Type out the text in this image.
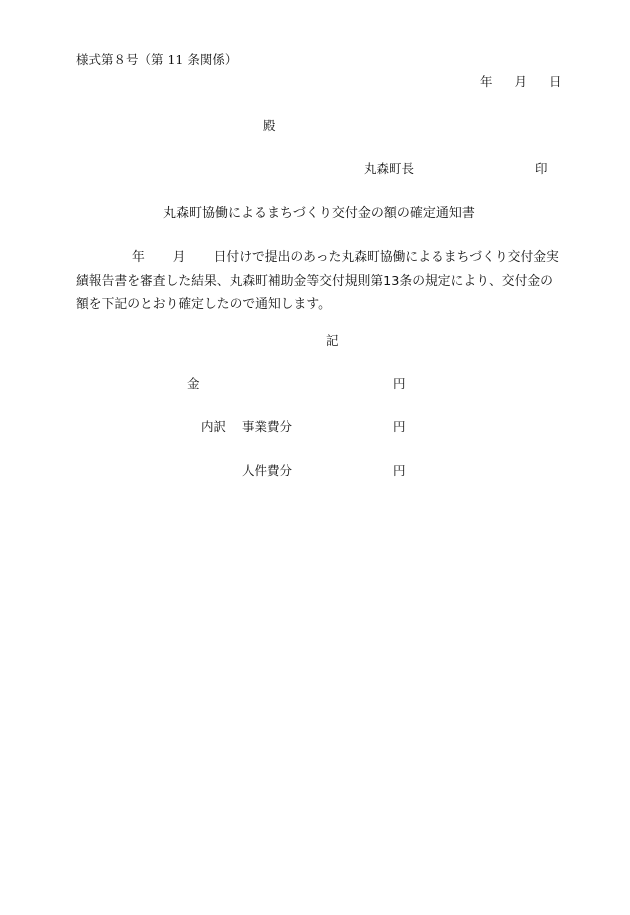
様式第８号（第 11 条関係）
年 月 日
殿
丸森町長	印
丸森町協働によるまちづくり交付金の額の確定通知書
年 月 日付けで提出のあった丸森町協働によるまちづくり交付金実
績報告書を審査した結果、丸森町補助金等交付規則第13条の規定により、交付金の
額を下記のとおり確定したので通知します。
記
金	円
内訳 事業費分	円
人件費分	円
